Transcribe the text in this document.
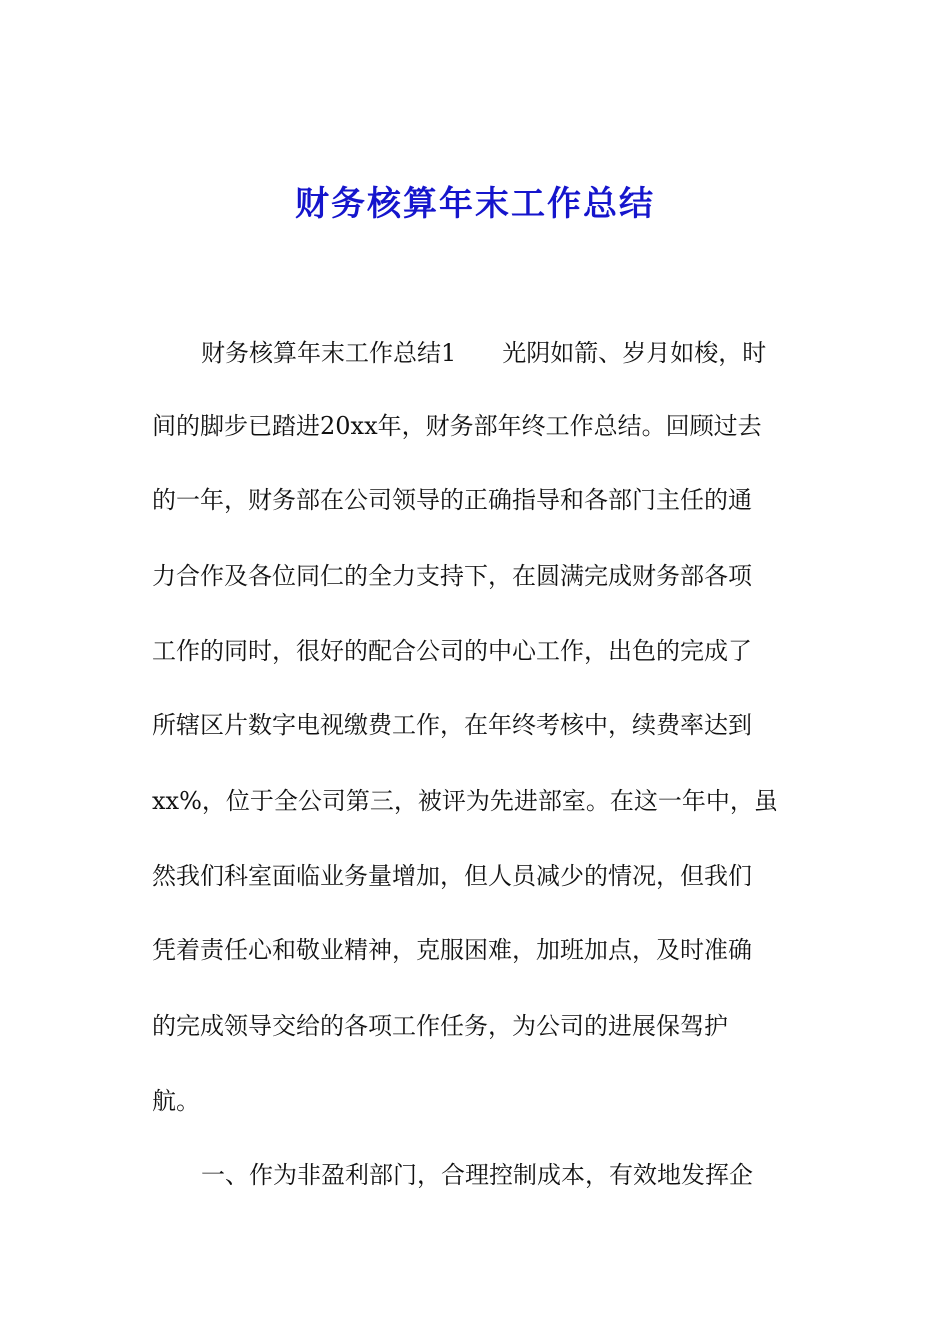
财务核算年末工作总结
财务核算年末工作总结1 光阴如箭、岁月如梭，时
间的脚步已踏进20xx年，财务部年终工作总结。回顾过去
的一年，财务部在公司领导的正确指导和各部门主任的通
力合作及各位同仁的全力支持下，在圆满完成财务部各项
工作的同时，很好的配合公司的中心工作，出色的完成了
所辖区片数字电视缴费工作，在年终考核中，续费率达到
xx%，位于全公司第三，被评为先进部室。在这一年中，虽
然我们科室面临业务量增加，但人员减少的情况，但我们
凭着责任心和敬业精神，克服困难，加班加点，及时准确
的完成领导交给的各项工作任务，为公司的进展保驾护
航。
一、作为非盈利部门，合理控制成本，有效地发挥企
